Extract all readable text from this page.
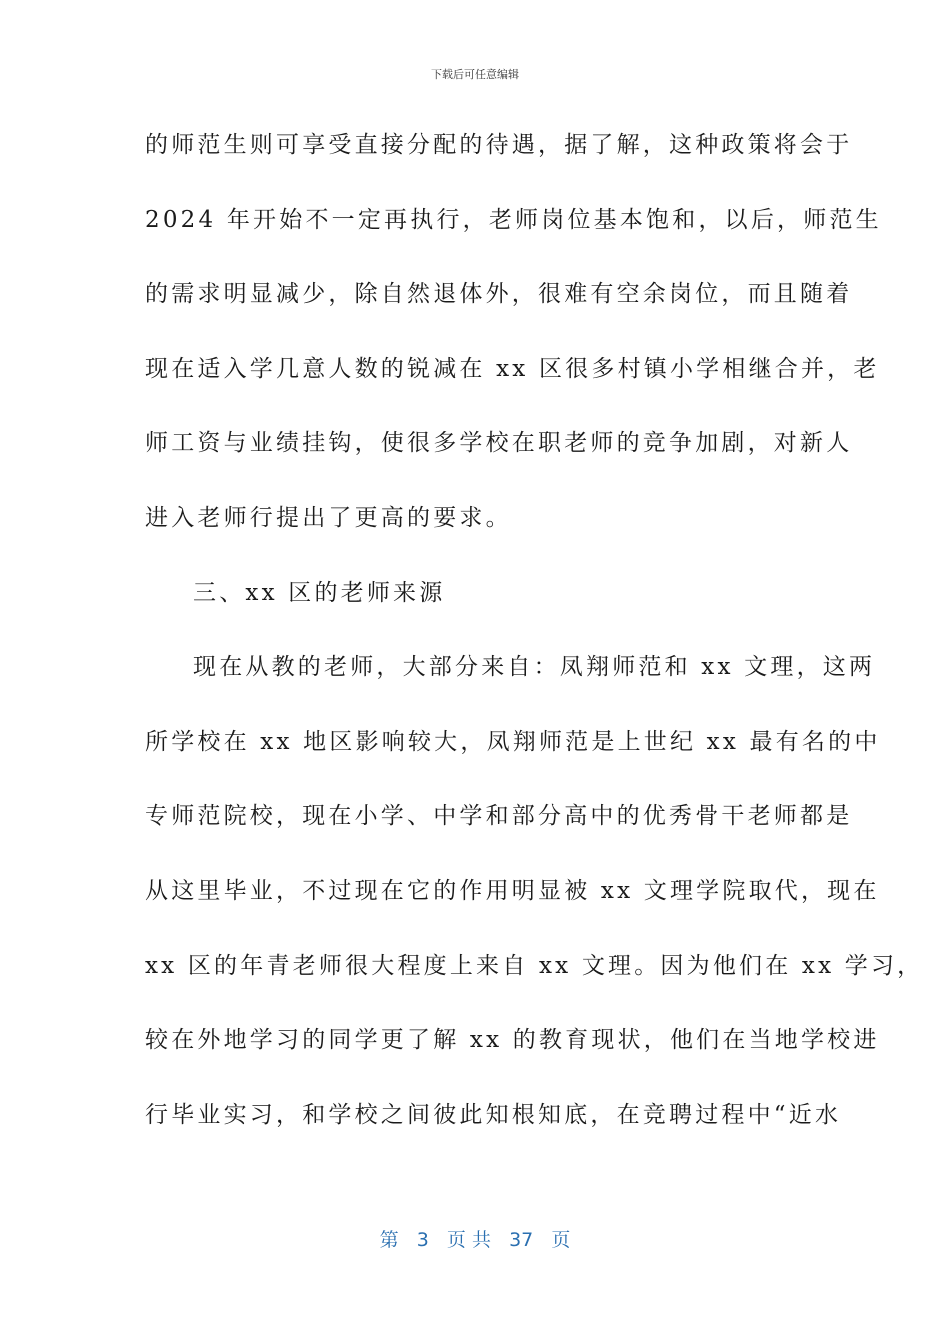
下载后可任意编辑
的师范生则可享受直接分配的待遇，据了解，这种政策将会于
2024 年开始不一定再执行，老师岗位基本饱和，以后，师范生
的需求明显减少，除自然退体外，很难有空余岗位，而且随着
现在适入学几意人数的锐减在 xx 区很多村镇小学相继合并，老
师工资与业绩挂钩，使很多学校在职老师的竞争加剧，对新人
进入老师行提出了更高的要求。
三、xx 区的老师来源
现在从教的老师，大部分来自：凤翔师范和 xx 文理，这两
所学校在 xx 地区影响较大，凤翔师范是上世纪 xx 最有名的中
专师范院校，现在小学、中学和部分高中的优秀骨干老师都是
从这里毕业，不过现在它的作用明显被 xx 文理学院取代，现在
xx 区的年青老师很大程度上来自 xx 文理。因为他们在 xx 学习，
较在外地学习的同学更了解 xx 的教育现状，他们在当地学校进
行毕业实习，和学校之间彼此知根知底，在竞聘过程中“近水
第 3 页 共 37 页
